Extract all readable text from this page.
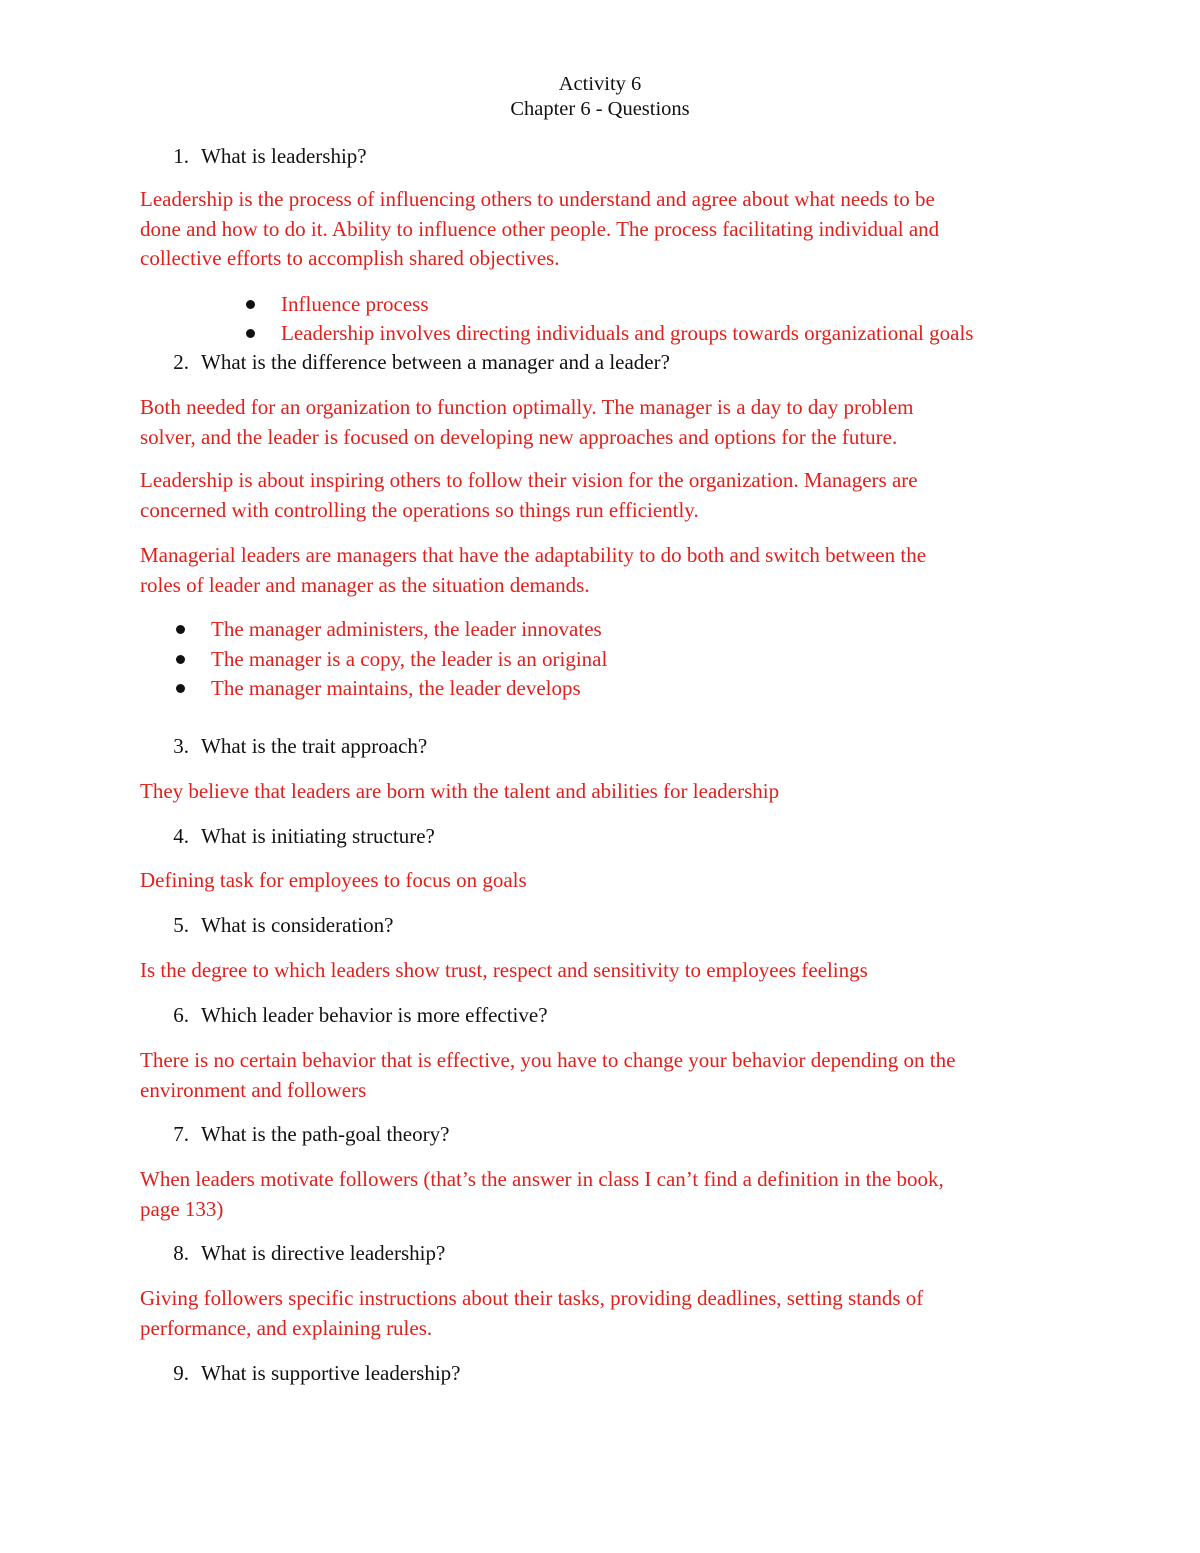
Activity 6
Chapter 6 - Questions
1. What is leadership?

Leadership is the process of influencing others to understand and agree about what needs to be

done and how to do it. Ability to influence other people. The process facilitating individual and

collective efforts to accomplish shared objectives.

Influence process
Leadership involves directing individuals and groups towards organizational goals
2. What is the difference between a manager and a leader?

Both needed for an organization to function optimally. The manager is a day to day problem

solver, and the leader is focused on developing new approaches and options for the future.

Leadership is about inspiring others to follow their vision for the organization. Managers are

concerned with controlling the operations so things run efficiently.

Managerial leaders are managers that have the adaptability to do both and switch between the

roles of leader and manager as the situation demands.

The manager administers, the leader innovates
The manager is a copy, the leader is an original
The manager maintains, the leader develops
3. What is the trait approach?

They believe that leaders are born with the talent and abilities for leadership

4. What is initiating structure?

Defining task for employees to focus on goals

5. What is consideration?

Is the degree to which leaders show trust, respect and sensitivity to employees feelings

6. Which leader behavior is more effective?

There is no certain behavior that is effective, you have to change your behavior depending on the

environment and followers

7. What is the path-goal theory?

When leaders motivate followers (that’s the answer in class I can’t find a definition in the book,

page 133)

8. What is directive leadership?

Giving followers specific instructions about their tasks, providing deadlines, setting stands of

performance, and explaining rules.

9. What is supportive leadership?
